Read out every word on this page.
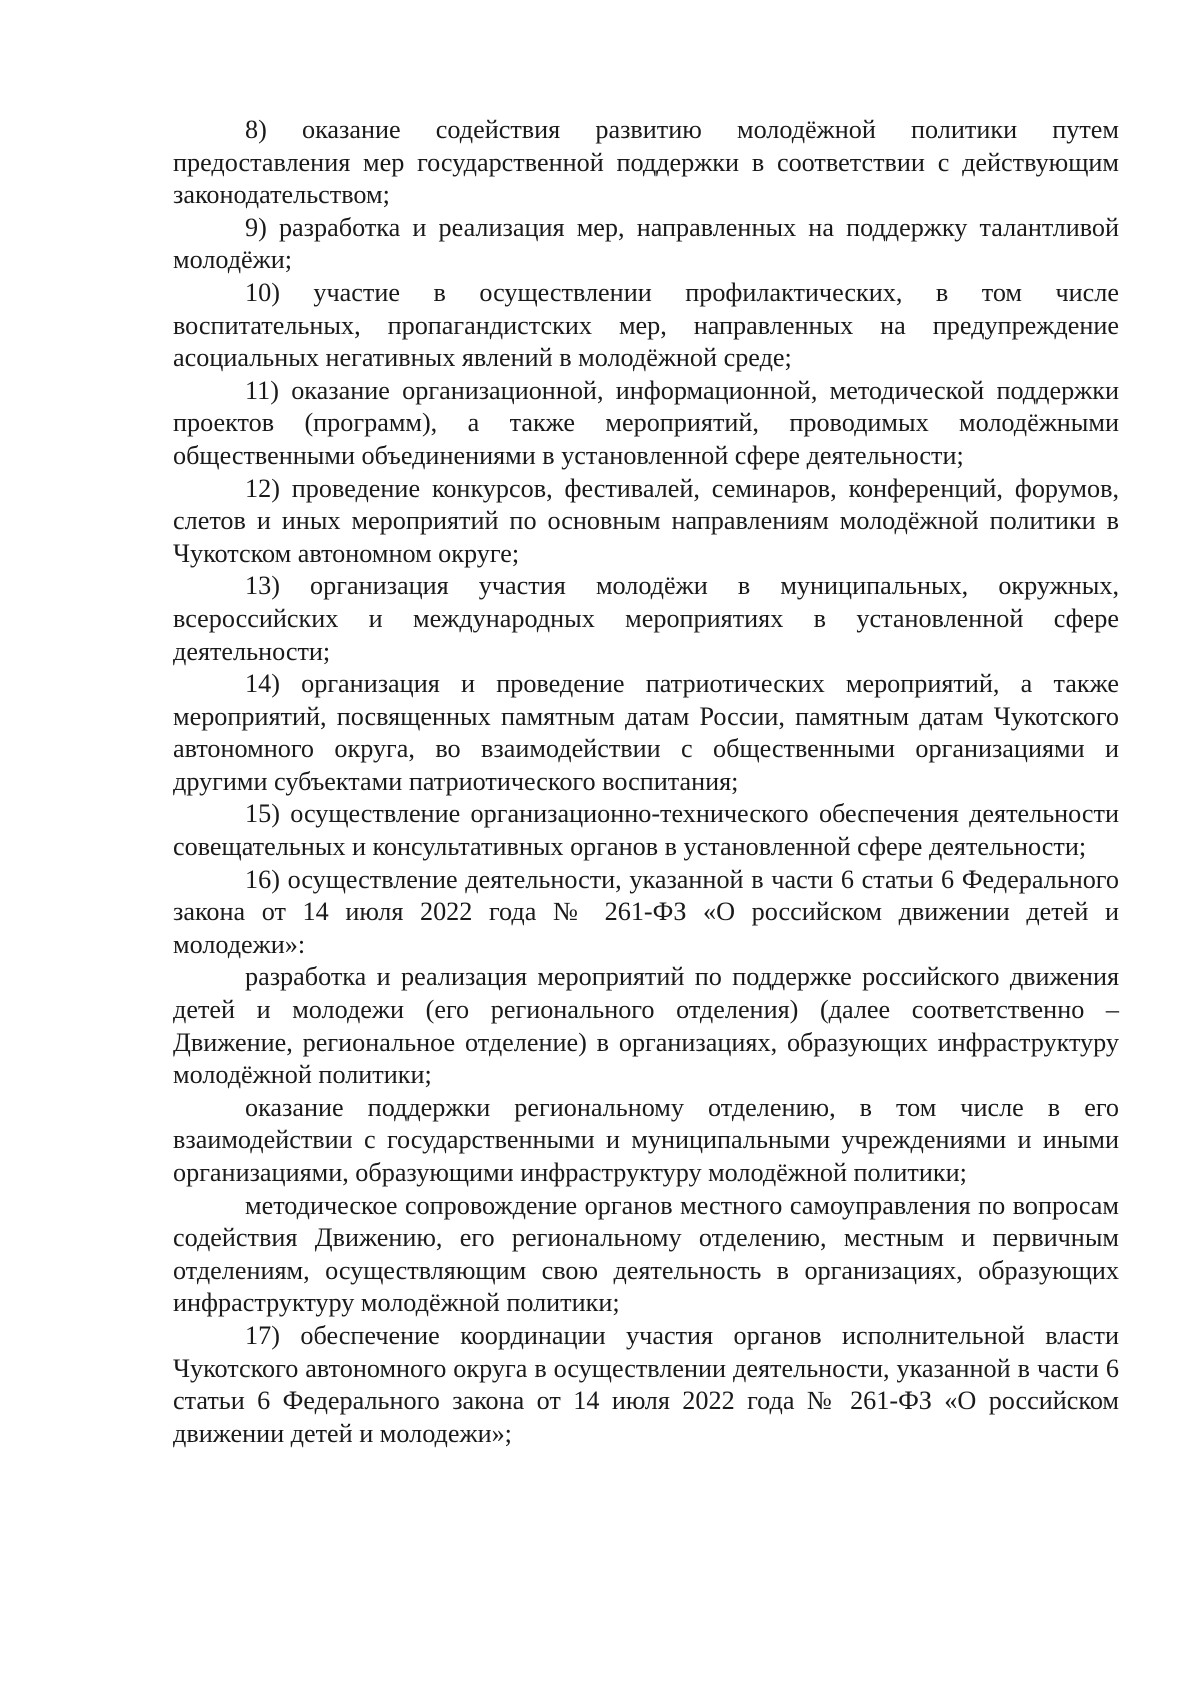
8) оказание содействия развитию молодёжной политики путем предоставления мер государственной поддержки в соответствии с действующим законодательством;

9) разработка и реализация мер, направленных на поддержку талантливой молодёжи;

10) участие в осуществлении профилактических, в том числе воспитательных, пропагандистских мер, направленных на предупреждение асоциальных негативных явлений в молодёжной среде;

11) оказание организационной, информационной, методической поддержки проектов (программ), а также мероприятий, проводимых молодёжными общественными объединениями в установленной сфере деятельности;

12) проведение конкурсов, фестивалей, семинаров, конференций, форумов, слетов и иных мероприятий по основным направлениям молодёжной политики в Чукотском автономном округе;

13) организация участия молодёжи в муниципальных, окружных, всероссийских и международных мероприятиях в установленной сфере деятельности;

14) организация и проведение патриотических мероприятий, а также мероприятий, посвященных памятным датам России, памятным датам Чукотского автономного округа, во взаимодействии с общественными организациями и другими субъектами патриотического воспитания;

15) осуществление организационно-технического обеспечения деятельности совещательных и консультативных органов в установленной сфере деятельности;

16) осуществление деятельности, указанной в части 6 статьи 6 Федерального закона от 14 июля 2022 года № 261-ФЗ «О российском движении детей и молодежи»:

разработка и реализация мероприятий по поддержке российского движения детей и молодежи (его регионального отделения) (далее соответственно – Движение, региональное отделение) в организациях, образующих инфраструктуру молодёжной политики;

оказание поддержки региональному отделению, в том числе в его взаимодействии с государственными и муниципальными учреждениями и иными организациями, образующими инфраструктуру молодёжной политики;

методическое сопровождение органов местного самоуправления по вопросам содействия Движению, его региональному отделению, местным и первичным отделениям, осуществляющим свою деятельность в организациях, образующих инфраструктуру молодёжной политики;

17) обеспечение координации участия органов исполнительной власти Чукотского автономного округа в осуществлении деятельности, указанной в части 6 статьи 6 Федерального закона от 14 июля 2022 года № 261-ФЗ «О российском движении детей и молодежи»;
